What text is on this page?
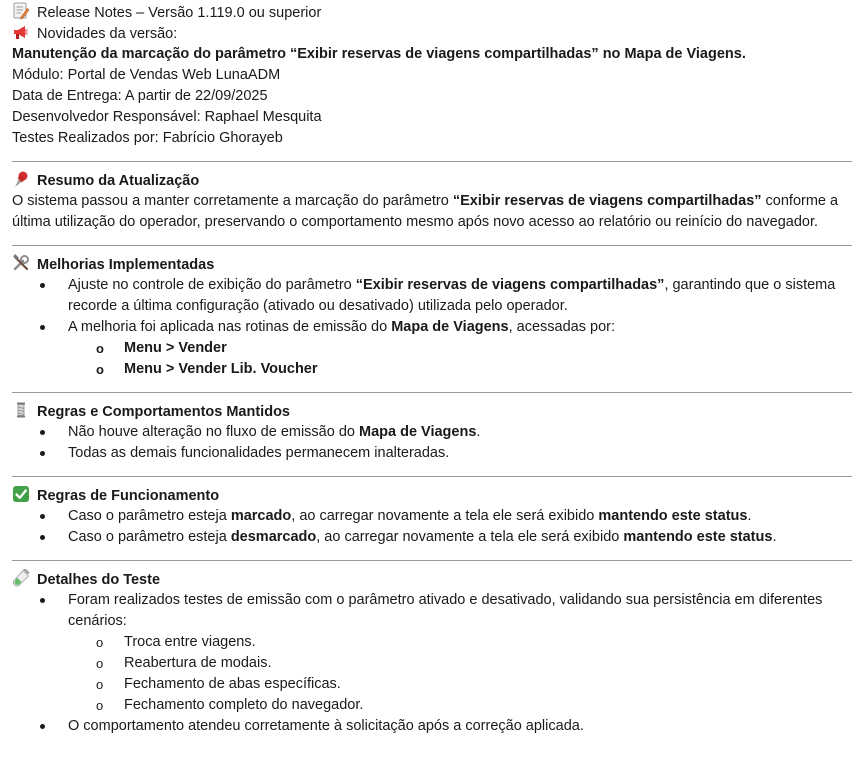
Release Notes – Versão 1.119.0 ou superior
Novidades da versão:
Manutenção da marcação do parâmetro “Exibir reservas de viagens compartilhadas” no Mapa de Viagens.
Módulo: Portal de Vendas Web LunaADM
Data de Entrega: A partir de 22/09/2025
Desenvolvedor Responsável: Raphael Mesquita
Testes Realizados por: Fabrício Ghorayeb
Resumo da Atualização
O sistema passou a manter corretamente a marcação do parâmetro “Exibir reservas de viagens compartilhadas” conforme a última utilização do operador, preservando o comportamento mesmo após novo acesso ao relatório ou reinício do navegador.
Melhorias Implementadas
Ajuste no controle de exibição do parâmetro “Exibir reservas de viagens compartilhadas”, garantindo que o sistema recorde a última configuração (ativado ou desativado) utilizada pelo operador.
A melhoria foi aplicada nas rotinas de emissão do Mapa de Viagens, acessadas por:
o Menu > Vender
o Menu > Vender Lib. Voucher
Regras e Comportamentos Mantidos
Não houve alteração no fluxo de emissão do Mapa de Viagens.
Todas as demais funcionalidades permanecem inalteradas.
Regras de Funcionamento
Caso o parâmetro esteja marcado, ao carregar novamente a tela ele será exibido mantendo este status.
Caso o parâmetro esteja desmarcado, ao carregar novamente a tela ele será exibido mantendo este status.
Detalhes do Teste
Foram realizados testes de emissão com o parâmetro ativado e desativado, validando sua persistência em diferentes cenários:
o Troca entre viagens.
o Reabertura de modais.
o Fechamento de abas específicas.
o Fechamento completo do navegador.
O comportamento atendeu corretamente à solicitação após a correção aplicada.
